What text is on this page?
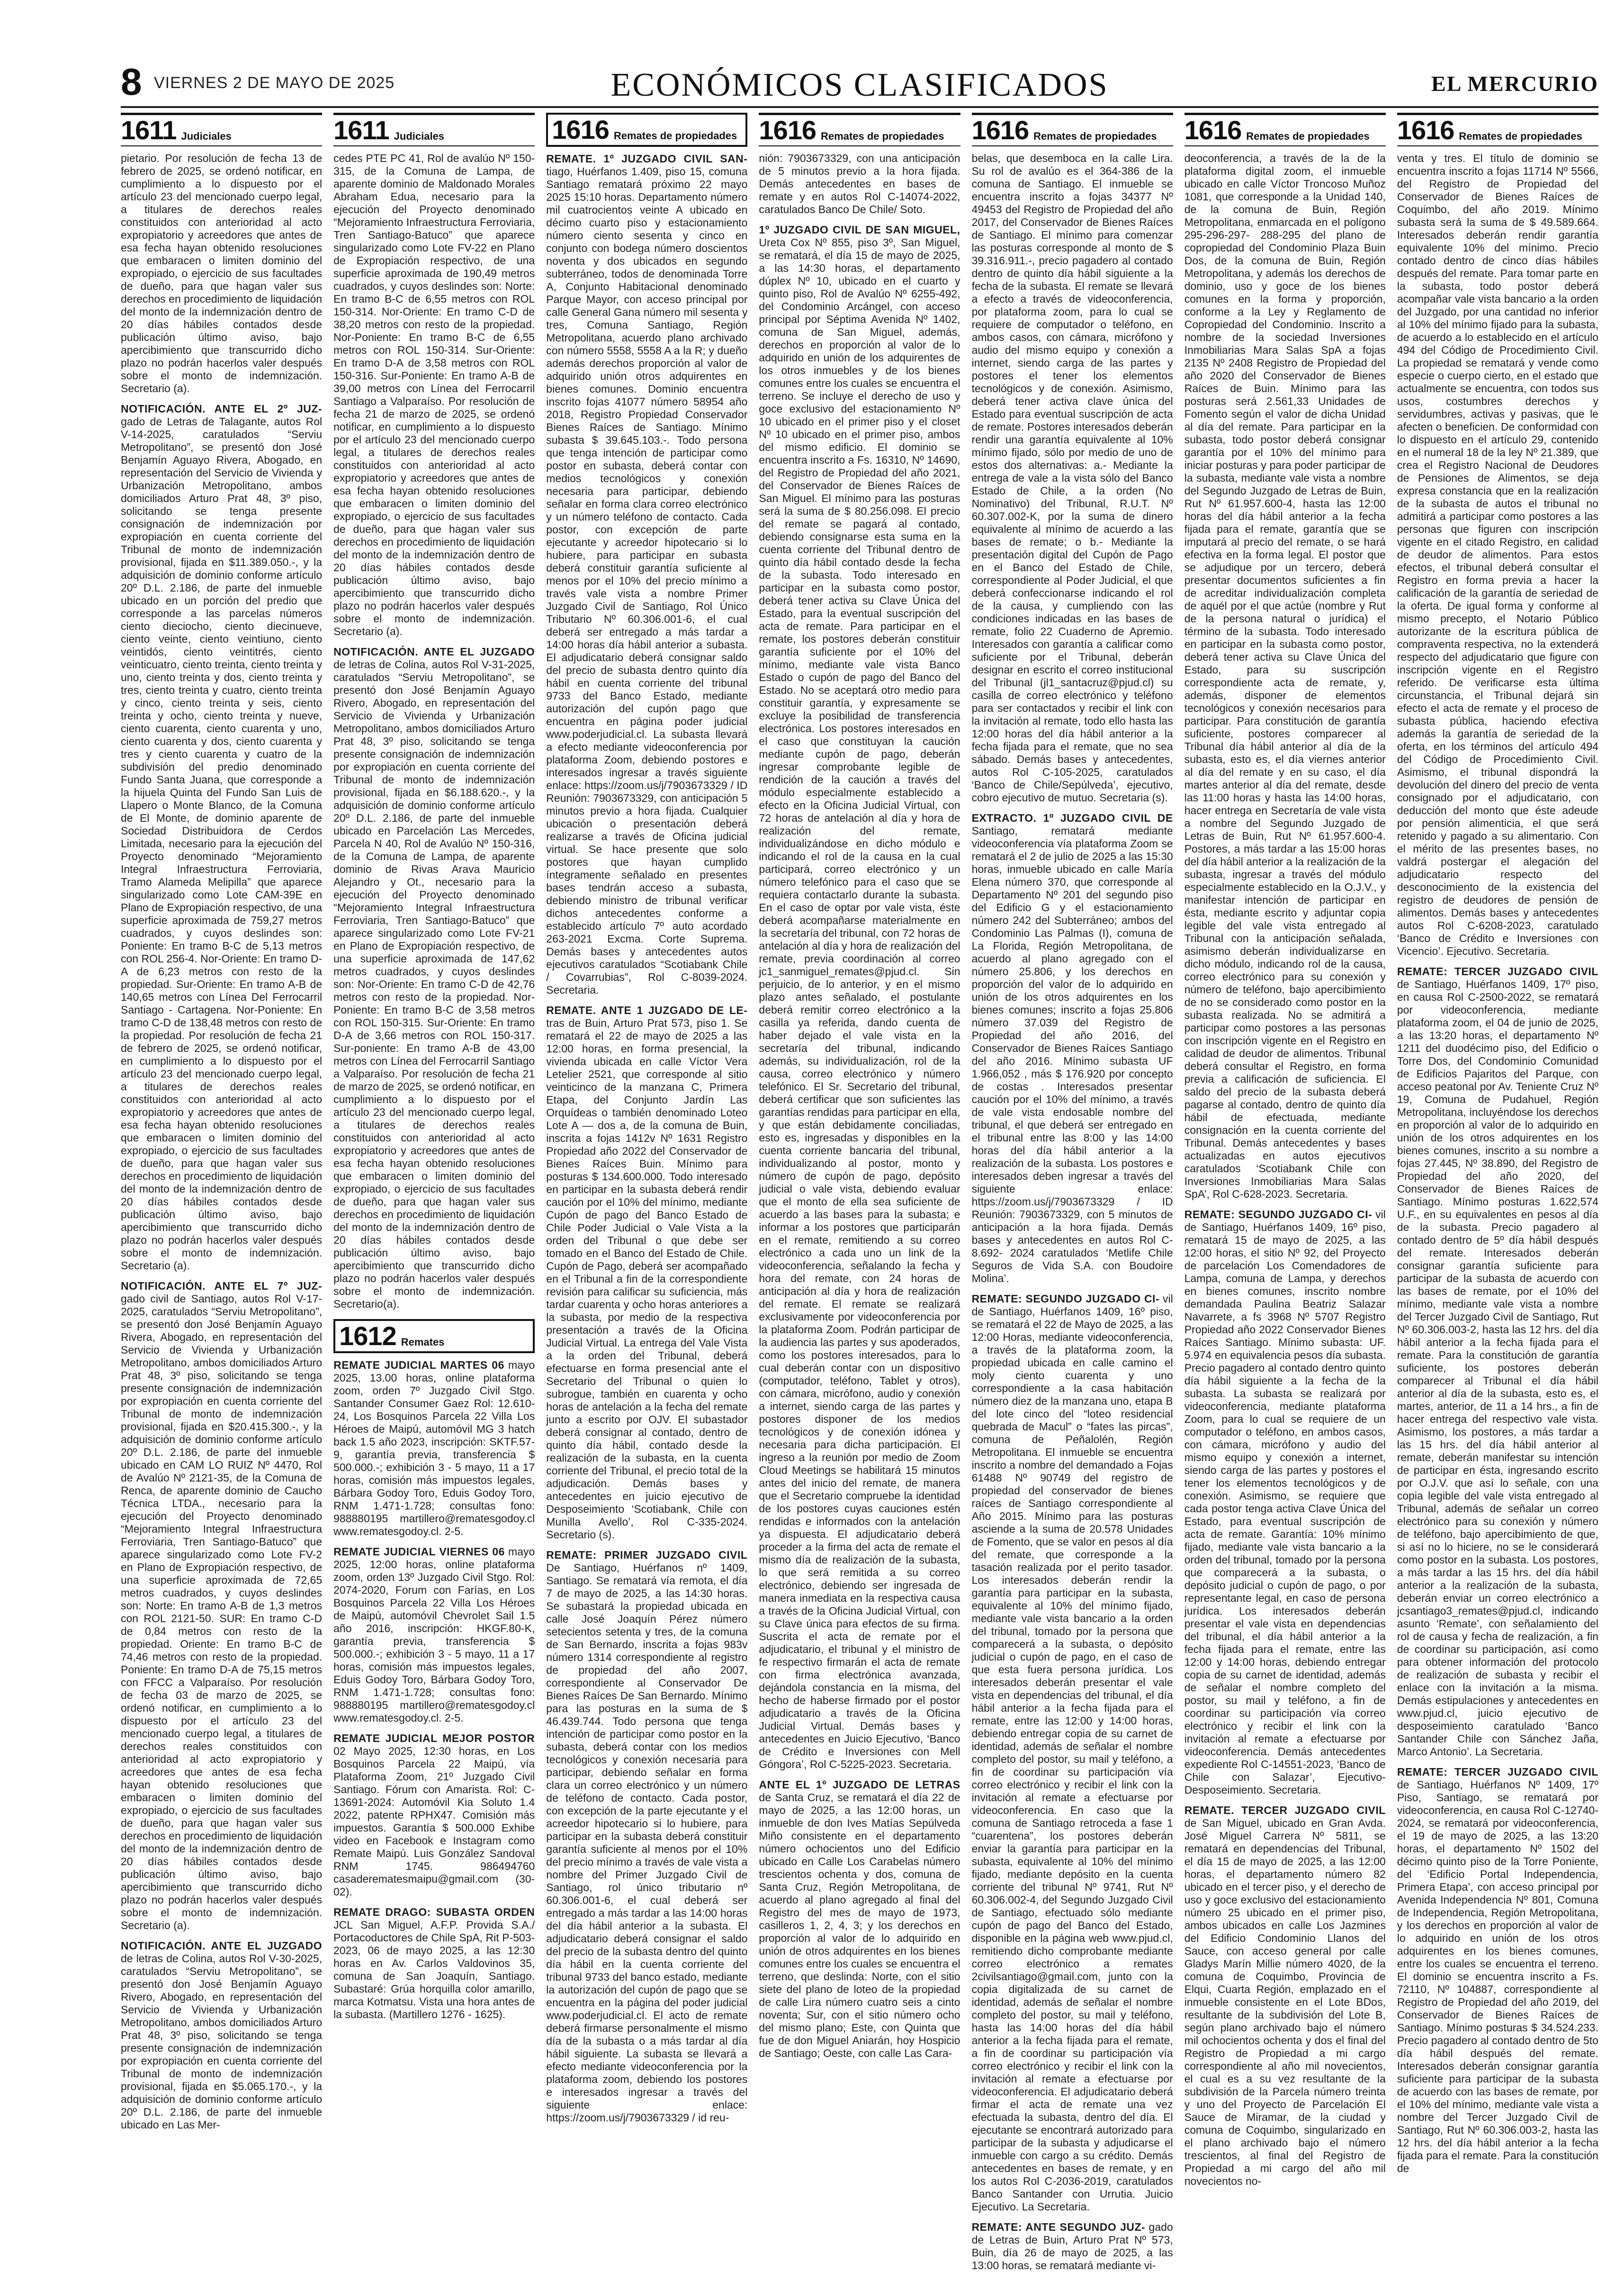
8 VIERNES 2 DE MAYO DE 2025	ECONÓMICOS CLASIFICADOS	EL MERCURIO
1611 Judiciales
pietario. Por resolución de fecha 13 de febrero de 2025, se ordenó notificar, en cumplimiento a lo dispuesto por el artículo 23 del mencionado cuerpo legal, a titulares de derechos reales constituidos con anterioridad al acto expropiatorio y acreedores que antes de esa fecha hayan obtenido resoluciones que embaracen o limiten dominio del expropiado, o ejercicio de sus facultades de dueño, para que hagan valer sus derechos en procedimiento de liquidación del monto de la indemnización dentro de 20 días hábiles contados desde publicación último aviso, bajo apercibimiento que transcurrido dicho plazo no podrán hacerlos valer después sobre el monto de indemnización. Secretario (a).
NOTIFICACIÓN. ANTE EL 2º JUZ- gado de Letras de Talagante, autos Rol V-14-2025, caratulados “Serviu Metropolitano”, se presentó don José Benjamín Aguayo Rivera, Abogado, en representación del Servicio de Vivienda y Urbanización Metropolitano, ambos domiciliados Arturo Prat 48, 3º piso, solicitando se tenga presente consignación de indemnización por expropiación en cuenta corriente del Tribunal de monto de indemnización provisional, fijada en $11.389.050.-, y la adquisición de dominio conforme artículo 20º D.L. 2.186, de parte del inmueble ubicado en un porción del predio que corresponde a las parcelas números ciento dieciocho, ciento diecinueve, ciento veinte, ciento veintiuno, ciento veintidós, ciento veintitrés, ciento veinticuatro, ciento treinta, ciento treinta y uno, ciento treinta y dos, ciento treinta y tres, ciento treinta y cuatro, ciento treinta y cinco, ciento treinta y seis, ciento treinta y ocho, ciento treinta y nueve, ciento cuarenta, ciento cuarenta y uno, ciento cuarenta y dos, ciento cuarenta y tres y ciento cuarenta y cuatro de la subdivisión del predio denominado Fundo Santa Juana, que corresponde a la hijuela Quinta del Fundo San Luis de Llapero o Monte Blanco, de la Comuna de El Monte, de dominio aparente de Sociedad Distribuidora de Cerdos Limitada, necesario para la ejecución del Proyecto denominado “Mejoramiento Integral Infraestructura Ferroviaria, Tramo Alameda Melipilla” que aparece singularizado como Lote CAM-39E en Plano de Expropiación respectivo, de una superficie aproximada de 759,27 metros cuadrados, y cuyos deslindes son: Poniente: En tramo B-C de 5,13 metros con ROL 256-4. Nor-Oriente: En tramo D-A de 6,23 metros con resto de la propiedad. Sur-Oriente: En tramo A-B de 140,65 metros con Línea Del Ferrocarril Santiago - Cartagena. Nor-Poniente: En tramo C-D de 138,48 metros con resto de la propiedad. Por resolución de fecha 21 de febrero de 2025, se ordenó notificar, en cumplimiento a lo dispuesto por el artículo 23 del mencionado cuerpo legal, a titulares de derechos reales constituidos con anterioridad al acto expropiatorio y acreedores que antes de esa fecha hayan obtenido resoluciones que embaracen o limiten dominio del expropiado, o ejercicio de sus facultades de dueño, para que hagan valer sus derechos en procedimiento de liquidación del monto de la indemnización dentro de 20 días hábiles contados desde publicación último aviso, bajo apercibimiento que transcurrido dicho plazo no podrán hacerlos valer después sobre el monto de indemnización. Secretario (a).
NOTIFICACIÓN. ANTE EL 7º JUZ- gado civil de Santiago, autos Rol V-17-2025, caratulados “Serviu Metropolitano”, se presentó don José Benjamín Aguayo Rivera, Abogado, en representación del Servicio de Vivienda y Urbanización Metropolitano, ambos domiciliados Arturo Prat 48, 3º piso, solicitando se tenga presente consignación de indemnización por expropiación en cuenta corriente del Tribunal de monto de indemnización provisional, fijada en $20.415.300.-, y la adquisición de dominio conforme artículo 20º D.L. 2.186, de parte del inmueble ubicado en CAM LO RUIZ Nº 4470, Rol de Avalúo Nº 2121-35, de la Comuna de Renca, de aparente dominio de Caucho Técnica LTDA., necesario para la ejecución del Proyecto denominado “Mejoramiento Integral Infraestructura Ferroviaria, Tren Santiago-Batuco” que aparece singularizado como Lote FV-2 en Plano de Expropiación respectivo, de una superficie aproximada de 72,65 metros cuadrados, y cuyos deslindes son: Norte: En tramo A-B de 1,3 metros con ROL 2121-50. SUR: En tramo C-D de 0,84 metros con resto de la propiedad. Oriente: En tramo B-C de 74,46 metros con resto de la propiedad. Poniente: En tramo D-A de 75,15 metros con FFCC a Valparaíso. Por resolución de fecha 03 de marzo de 2025, se ordenó notificar, en cumplimiento a lo dispuesto por el artículo 23 del mencionado cuerpo legal, a titulares de derechos reales constituidos con anterioridad al acto expropiatorio y acreedores que antes de esa fecha hayan obtenido resoluciones que embaracen o limiten dominio del expropiado, o ejercicio de sus facultades de dueño, para que hagan valer sus derechos en procedimiento de liquidación del monto de la indemnización dentro de 20 días hábiles contados desde publicación último aviso, bajo apercibimiento que transcurrido dicho plazo no podrán hacerlos valer después sobre el monto de indemnización. Secretario (a).
NOTIFICACIÓN. ANTE EL JUZGADO de letras de Colina, autos Rol V-30-2025, caratulados “Serviu Metropolitano”, se presentó don José Benjamín Aguayo Rivero, Abogado, en representación del Servicio de Vivienda y Urbanización Metropolitano, ambos domiciliados Arturo Prat 48, 3º piso, solicitando se tenga presente consignación de indemnización por expropiación en cuenta corriente del Tribunal de monto de indemnización provisional, fijada en $5.065.170.-, y la adquisición de dominio conforme artículo 20º D.L. 2.186, de parte del inmueble ubicado en Las Mer-
1611 Judiciales
cedes PTE PC 41, Rol de avalúo Nº 150-315, de la Comuna de Lampa, de aparente dominio de Maldonado Morales Abraham Edua, necesario para la ejecución del Proyecto denominado “Mejoramiento Infraestructura Ferroviaria, Tren Santiago-Batuco” que aparece singularizado como Lote FV-22 en Plano de Expropiación respectivo, de una superficie aproximada de 190,49 metros cuadrados, y cuyos deslindes son: Norte: En tramo B-C de 6,55 metros con ROL 150-314. Nor-Oriente: En tramo C-D de 38,20 metros con resto de la propiedad. Nor-Poniente: En tramo B-C de 6,55 metros con ROL 150-314. Sur-Oriente: En tramo D-A de 3,58 metros con ROL 150-316. Sur-Poniente: En tramo A-B de 39,00 metros con Línea del Ferrocarril Santiago a Valparaíso. Por resolución de fecha 21 de marzo de 2025, se ordenó notificar, en cumplimiento a lo dispuesto por el artículo 23 del mencionado cuerpo legal, a titulares de derechos reales constituidos con anterioridad al acto expropiatorio y acreedores que antes de esa fecha hayan obtenido resoluciones que embaracen o limiten dominio del expropiado, o ejercicio de sus facultades de dueño, para que hagan valer sus derechos en procedimiento de liquidación del monto de la indemnización dentro de 20 días hábiles contados desde publicación último aviso, bajo apercibimiento que transcurrido dicho plazo no podrán hacerlos valer después sobre el monto de indemnización. Secretario (a).
NOTIFICACIÓN. ANTE EL JUZGADO de letras de Colina, autos Rol V-31-2025, caratulados “Serviu Metropolitano”, se presentó don José Benjamín Aguayo Rivero, Abogado, en representación del Servicio de Vivienda y Urbanización Metropolitano, ambos domiciliados Arturo Prat 48, 3º piso, solicitando se tenga presente consignación de indemnización por expropiación en cuenta corriente del Tribunal de monto de indemnización provisional, fijada en $6.188.620.-, y la adquisición de dominio conforme artículo 20º D.L. 2.186, de parte del inmueble ubicado en Parcelación Las Mercedes, Parcela N 40, Rol de Avalúo Nº 150-316, de la Comuna de Lampa, de aparente dominio de Rivas Arava Mauricio Alejandro y Ot., necesario para la ejecución del Proyecto denominado “Mejoramiento Integral Infraestructura Ferroviaria, Tren Santiago-Batuco” que aparece singularizado como Lote FV-21 en Plano de Expropiación respectivo, de una superficie aproximada de 147,62 metros cuadrados, y cuyos deslindes son: Nor-Oriente: En tramo C-D de 42,76 metros con resto de la propiedad. Nor-Poniente: En tramo B-C de 3,58 metros con ROL 150-315. Sur-Oriente: En tramo D-A de 3,66 metros con ROL 150-317. Sur-poniente: En tramo A-B de 43,00 metros con Línea del Ferrocarril Santiago a Valparaíso. Por resolución de fecha 21 de marzo de 2025, se ordenó notificar, en cumplimiento a lo dispuesto por el artículo 23 del mencionado cuerpo legal, a titulares de derechos reales constituidos con anterioridad al acto expropiatorio y acreedores que antes de esa fecha hayan obtenido resoluciones que embaracen o limiten dominio del expropiado, o ejercicio de sus facultades de dueño, para que hagan valer sus derechos en procedimiento de liquidación del monto de la indemnización dentro de 20 días hábiles contados desde publicación último aviso, bajo apercibimiento que transcurrido dicho plazo no podrán hacerlos valer después sobre el monto de indemnización. Secretario(a).
1612 Remates
REMATE JUDICIAL MARTES 06 mayo 2025, 13.00 horas, online plataforma zoom, orden 7º Juzgado Civil Stgo. Santander Consumer Gaez Rol: 12.610-24, Los Bosquinos Parcela 22 Villa Los Héroes de Maipú, automóvil MG 3 hatch back 1.5 año 2023, inscripción: SKTF.57-9, garantía previa, transferencia $ 500.000.-; exhibición 3 - 5 mayo, 11 a 17 horas, comisión más impuestos legales, Bárbara Godoy Toro, Eduis Godoy Toro, RNM 1.471-1.728; consultas fono: 988880195 martillero@rematesgodoy.cl www.rematesgodoy.cl. 2-5.
REMATE JUDICIAL VIERNES 06 mayo 2025, 12:00 horas, online plataforma zoom, orden 13º Juzgado Civil Stgo. Rol: 2074-2020, Forum con Farías, en Los Bosquinos Parcela 22 Villa Los Héroes de Maipú, automóvil Chevrolet Sail 1.5 año 2016, inscripción: HKGF.80-K, garantía previa, transferencia $ 500.000.-; exhibición 3 - 5 mayo, 11 a 17 horas, comisión más impuestos legales, Eduis Godoy Toro, Bárbara Godoy Toro, RNM 1.471-1.728; consultas fono: 988880195 martillero@rematesgodoy.cl www.rematesgodoy.cl. 2-5.
REMATE JUDICIAL MEJOR POSTOR 02 Mayo 2025, 12:30 horas, en Los Bosquinos Parcela 22 Maipú, vía Plataforma Zoom, 21º Juzgado Civil Santiago. Fórum con Amarista. Rol: C-13691-2024: Automóvil Kia Soluto 1.4 2022, patente RPHX47. Comisión más impuestos. Garantía $ 500.000 Exhibe video en Facebook e Instagram como Remate Maipú. Luis González Sandoval RNM 1745. 986494760 casaderematesmaipu@gmail.com (30-02).
REMATE DRAGO: SUBASTA ORDEN JCL San Miguel, A.F.P. Provida S.A./ Portacoductores de Chile SpA, Rit P-503-2023, 06 de mayo 2025, a las 12:30 horas en Av. Carlos Valdovinos 35, comuna de San Joaquín, Santiago. Subastaré: Grúa horquilla color amarillo, marca Kotmatsu. Vista una hora antes de la subasta. (Martillero 1276 - 1625).
1616 Remates de propiedades
REMATE. 1º JUZGADO CIVIL SAN- tiago, Huérfanos 1.409, piso 15, comuna Santiago rematará próximo 22 mayo 2025 15:10 horas. Departamento número mil cuatrocientos veinte A ubicado en décimo cuarto piso y estacionamiento número ciento sesenta y cinco en conjunto con bodega número doscientos noventa y dos ubicados en segundo subterráneo, todos de denominada Torre A, Conjunto Habitacional denominado Parque Mayor, con acceso principal por calle General Gana número mil sesenta y tres, Comuna Santiago, Región Metropolitana, acuerdo plano archivado con número 5558, 5558 A a la R; y dueño además derechos proporción al valor de adquirido unión otros adquirentes en bienes comunes. Dominio encuentra inscrito fojas 41077 número 58954 año 2018, Registro Propiedad Conservador Bienes Raíces de Santiago. Mínimo subasta $ 39.645.103.-. Todo persona que tenga intención de participar como postor en subasta, deberá contar con medios tecnológicos y conexión necesaria para participar, debiendo señalar en forma clara correo electrónico y un número teléfono de contacto. Cada postor, con excepción de parte ejecutante y acreedor hipotecario si lo hubiere, para participar en subasta deberá constituir garantía suficiente al menos por el 10% del precio mínimo a través vale vista a nombre Primer Juzgado Civil de Santiago, Rol Único Tributario Nº 60.306.001-6, el cual deberá ser entregado a más tardar a 14:00 horas día hábil anterior a subasta. El adjudicatario deberá consignar saldo del precio de subasta dentro quinto día hábil en cuenta corriente del tribunal 9733 del Banco Estado, mediante autorización del cupón pago que encuentra en página poder judicial www.poderjudicial.cl. La subasta llevará a efecto mediante videoconferencia por plataforma Zoom, debiendo postores e interesados ingresar a través siguiente enlace: https://zoom.us/j/7903673329 / ID Reunión: 7903673329, con anticipación 5 minutos previo a hora fijada. Cualquier ubicación o presentación deberá realizarse a través de Oficina judicial virtual. Se hace presente que solo postores que hayan cumplido íntegramente señalado en presentes bases tendrán acceso a subasta, debiendo ministro de tribunal verificar dichos antecedentes conforme a establecido artículo 7º auto acordado 263-2021 Excma. Corte Suprema. Demás bases y antecedentes autos ejecutivos caratulados “Scotiabank Chile / Covarrubias”, Rol C-8039-2024. Secretaria.
REMATE. ANTE 1 JUZGADO DE LE- tras de Buin, Arturo Prat 573, piso 1. Se rematará el 22 de mayo de 2025 a las 12:00 horas, en forma presencial, la vivienda ubicada en calle Víctor Vera Letelier 2521, que corresponde al sitio veinticinco de la manzana C, Primera Etapa, del Conjunto Jardín Las Orquídeas o también denominado Loteo Lote A — dos a, de la comuna de Buin, inscrita a fojas 1412v Nº 1631 Registro Propiedad año 2022 del Conservador de Bienes Raíces Buin. Mínimo para posturas $ 134.600.000. Todo interesado en participar en la subasta deberá rendir caución por el 10% del mínimo, mediante Cupón de pago del Banco Estado de Chile Poder Judicial o Vale Vista a la orden del Tribunal o que debe ser tomado en el Banco del Estado de Chile. Cupón de Pago, deberá ser acompañado en el Tribunal a fin de la correspondiente revisión para calificar su suficiencia, más tardar cuarenta y ocho horas anteriores a la subasta, por medio de la respectiva presentación a través de la Oficina Judicial Virtual. La entrega del Vale Vista a la orden del Tribunal, deberá efectuarse en forma presencial ante el Secretario del Tribunal o quien lo subrogue, también en cuarenta y ocho horas de antelación a la fecha del remate junto a escrito por OJV. El subastador deberá consignar al contado, dentro de quinto día hábil, contado desde la realización de la subasta, en la cuenta corriente del Tribunal, el precio total de la adjudicación. Demás bases y antecedentes en juicio ejecutivo de Desposeimiento ‘Scotiabank, Chile con Munilla Avello’, Rol C-335-2024. Secretario (s).
REMATE: PRIMER JUZGADO CIVIL De Santiago, Huérfanos nº 1409, Santiago. Se rematará vía remota, el día 7 de mayo de 2025, a las 14:30 horas. Se subastará la propiedad ubicada en calle José Joaquín Pérez número setecientos setenta y tres, de la comuna de San Bernardo, inscrita a fojas 983v número 1314 correspondiente al registro de propiedad del año 2007, correspondiente al Conservador De Bienes Raíces De San Bernardo. Mínimo para las posturas en la suma de $ 46.439.744. Todo persona que tenga intención de participar como postor en la subasta, deberá contar con los medios tecnológicos y conexión necesaria para participar, debiendo señalar en forma clara un correo electrónico y un número de teléfono de contacto. Cada postor, con excepción de la parte ejecutante y el acreedor hipotecario si lo hubiere, para participar en la subasta deberá constituir garantía suficiente al menos por el 10% del precio mínimo a través de vale vista a nombre del Primer Juzgado Civil de Santiago, rol único tributario nº 60.306.001-6, el cual deberá ser entregado a más tardar a las 14:00 horas del día hábil anterior a la subasta. El adjudicatario deberá consignar el saldo del precio de la subasta dentro del quinto día hábil en la cuenta corriente del tribunal 9733 del banco estado, mediante la autorización del cupón de pago que se encuentra en la página del poder judicial www.poderjudicial.cl. El acto de remate deberá firmarse personalmente el mismo día de la subasta o a más tardar al día hábil siguiente. La subasta se llevará a efecto mediante videoconferencia por la plataforma zoom, debiendo los postores e interesados ingresar a través del siguiente enlace: https://zoom.us/j/7903673329 / id reu-
1616 Remates de propiedades
nión: 7903673329, con una anticipación de 5 minutos previo a la hora fijada. Demás antecedentes en bases de remate y en autos Rol C-14074-2022, caratulados Banco De Chile/ Soto.
1º JUZGADO CIVIL DE SAN MIGUEL, Ureta Cox Nº 855, piso 3º, San Miguel, se rematará, el día 15 de mayo de 2025, a las 14:30 horas, el departamento dúplex Nº 10, ubicado en el cuarto y quinto piso, Rol de Avalúo Nº 6255-492, del Condominio Arcángel, con acceso principal por Séptima Avenida Nº 1402, comuna de San Miguel, además, derechos en proporción al valor de lo adquirido en unión de los adquirentes de los otros inmuebles y de los bienes comunes entre los cuales se encuentra el terreno. Se incluye el derecho de uso y goce exclusivo del estacionamiento Nº 10 ubicado en el primer piso y el closet Nº 10 ubicado en el primer piso, ambos del mismo edificio. El dominio se encuentra inscrito a Fs. 16310, Nº 14690, del Registro de Propiedad del año 2021, del Conservador de Bienes Raíces de San Miguel. El mínimo para las posturas será la suma de $ 80.256.098. El precio del remate se pagará al contado, debiendo consignarse esta suma en la cuenta corriente del Tribunal dentro de quinto día hábil contado desde la fecha de la subasta. Todo interesado en participar en la subasta como postor, deberá tener activa su Clave Única del Estado, para la eventual suscripción del acta de remate. Para participar en el remate, los postores deberán constituir garantía suficiente por el 10% del mínimo, mediante vale vista Banco Estado o cupón de pago del Banco del Estado. No se aceptará otro medio para constituir garantía, y expresamente se excluye la posibilidad de transferencia electrónica. Los postores interesados en el caso que constituyan la caución mediante cupón de pago, deberán ingresar comprobante legible de rendición de la caución a través del módulo especialmente establecido a efecto en la Oficina Judicial Virtual, con 72 horas de antelación al día y hora de realización del remate, individualizándose en dicho módulo e indicando el rol de la causa en la cual participará, correo electrónico y un número telefónico para el caso que se requiera contactarlo durante la subasta. En el caso de optar por vale vista, éste deberá acompañarse materialmente en la secretaría del tribunal, con 72 horas de antelación al día y hora de realización del remate, previa coordinación al correo jc1_sanmiguel_remates@pjud.cl. Sin perjuicio, de lo anterior, y en el mismo plazo antes señalado, el postulante deberá remitir correo electrónico a la casilla ya referida, dando cuenta de haber dejado el vale vista en la secretaría del tribunal, indicando además, su individualización, rol de la causa, correo electrónico y número telefónico. El Sr. Secretario del tribunal, deberá certificar que son suficientes las garantías rendidas para participar en ella, y que están debidamente conciliadas, esto es, ingresadas y disponibles en la cuenta corriente bancaria del tribunal, individualizando al postor, monto y número de cupón de pago, depósito judicial o vale vista, debiendo evaluar que el monto de ella sea suficiente de acuerdo a las bases para la subasta; e informar a los postores que participarán en el remate, remitiendo a su correo electrónico a cada uno un link de la videoconferencia, señalando la fecha y hora del remate, con 24 horas de anticipación al día y hora de realización del remate. El remate se realizará exclusivamente por videoconferencia por la plataforma Zoom. Podrán participar de la audiencia las partes y sus apoderados, como los postores interesados, para lo cual deberán contar con un dispositivo (computador, teléfono, Tablet y otros), con cámara, micrófono, audio y conexión a internet, siendo carga de las partes y postores disponer de los medios tecnológicos y de conexión idónea y necesaria para dicha participación. El ingreso a la reunión por medio de Zoom Cloud Meetings se habilitará 15 minutos antes del inicio del remate, de manera que el Secretario compruebe la identidad de los postores cuyas cauciones estén rendidas e informados con la antelación ya dispuesta. El adjudicatario deberá proceder a la firma del acta de remate el mismo día de realización de la subasta, lo que será remitida a su correo electrónico, debiendo ser ingresada de manera inmediata en la respectiva causa a través de la Oficina Judicial Virtual, con su Clave única para efectos de su firma. Suscrita el acta de remate por el adjudicatario, el tribunal y el ministro de fe respectivo firmarán el acta de remate con firma electrónica avanzada, dejándola constancia en la misma, del hecho de haberse firmado por el postor adjudicatario a través de la Oficina Judicial Virtual. Demás bases y antecedentes en Juicio Ejecutivo, ‘Banco de Crédito e Inversiones con Mell Góngora’, Rol C-5225-2023. Secretaria.
ANTE EL 1º JUZGADO DE LETRAS de Santa Cruz, se rematará el día 22 de mayo de 2025, a las 12:00 horas, un inmueble de don Ives Matías Sepúlveda Miño consistente en el departamento número ochocientos uno del Edificio ubicado en Calle Los Carabelas número trescientos ochenta y dos, comuna de Santa Cruz, Región Metropolitana, de acuerdo al plano agregado al final del Registro del mes de mayo de 1973, casilleros 1, 2, 4, 3; y los derechos en proporción al valor de lo adquirido en unión de otros adquirentes en los bienes comunes entre los cuales se encuentra el terreno, que deslinda: Norte, con el sitio siete del plano de loteo de la propiedad de calle Lira número cuatro seis a cinto noventa; Sur, con el sitio número ocho del mismo plano; Este, con Quinta que fue de don Miguel Aniarán, hoy Hospicio de Santiago; Oeste, con calle Las Cara-
1616 Remates de propiedades
belas, que desemboca en la calle Lira. Su rol de avalúo es el 364-386 de la comuna de Santiago. El inmueble se encuentra inscrito a fojas 34377 Nº 49453 del Registro de Propiedad del año 2017, del Conservador de Bienes Raíces de Santiago. El mínimo para comenzar las posturas corresponde al monto de $ 39.316.911.-, precio pagadero al contado dentro de quinto día hábil siguiente a la fecha de la subasta. El remate se llevará a efecto a través de videoconferencia, por plataforma zoom, para lo cual se requiere de computador o teléfono, en ambos casos, con cámara, micrófono y audio del mismo equipo y conexión a internet, siendo carga de las partes y postores el tener los elementos tecnológicos y de conexión. Asimismo, deberá tener activa clave única del Estado para eventual suscripción de acta de remate. Postores interesados deberán rendir una garantía equivalente al 10% mínimo fijado, sólo por medio de uno de estos dos alternativas: a.- Mediante la entrega de vale a la vista sólo del Banco Estado de Chile, a la orden (No Nominativo) del Tribunal, R.U.T. Nº 60.307.002-K, por la suma de dinero equivalente al mínimo de acuerdo a las bases de remate; o b.- Mediante la presentación digital del Cupón de Pago en el Banco del Estado de Chile, correspondiente al Poder Judicial, el que deberá confeccionarse indicando el rol de la causa, y cumpliendo con las condiciones indicadas en las bases de remate, folio 22 Cuaderno de Apremio. Interesados con garantía a calificar como suficiente por el Tribunal, deberán designar en escrito el correo institucional del Tribunal (jl1_santacruz@pjud.cl) su casilla de correo electrónico y teléfono para ser contactados y recibir el link con la invitación al remate, todo ello hasta las 12:00 horas del día hábil anterior a la fecha fijada para el remate, que no sea sábado. Demás bases y antecedentes, autos Rol C-105-2025, caratulados ‘Banco de Chile/Sepúlveda’, ejecutivo, cobro ejecutivo de mutuo. Secretaria (s).
EXTRACTO. 1º JUZGADO CIVIL DE Santiago, rematará mediante videoconferencia vía plataforma Zoom se rematará el 2 de julio de 2025 a las 15:30 horas, inmueble ubicado en calle María Elena número 370, que corresponde al Departamento Nº 201 del segundo piso del Edificio G y el estacionamiento número 242 del Subterráneo; ambos del Condominio Las Palmas (I), comuna de La Florida, Región Metropolitana, de acuerdo al plano agregado con el número 25.806, y los derechos en proporción del valor de lo adquirido en unión de los otros adquirentes en los bienes comunes; inscrito a fojas 25.806 número 37.039 del Registro de Propiedad del año 2016, del Conservador de Bienes Raíces Santiago del año 2016. Mínimo subasta UF 1.966,052 , más $ 176.920 por concepto de costas . Interesados presentar caución por el 10% del mínimo, a través de vale vista endosable nombre del tribunal, el que deberá ser entregado en el tribunal entre las 8:00 y las 14:00 horas del día hábil anterior a la realización de la subasta. Los postores e interesados deben ingresar a través del siguiente enlace: https://zoom.us/j/7903673329 / ID Reunión: 7903673329, con 5 minutos de anticipación a la hora fijada. Demás bases y antecedentes en autos Rol C-8.692- 2024 caratulados ‘Metlife Chile Seguros de Vida S.A. con Boudoire Molina’.
REMATE: SEGUNDO JUZGADO CI- vil de Santiago, Huérfanos 1409, 16º piso, se rematará el 22 de Mayo de 2025, a las 12:00 Horas, mediante videoconferencia, a través de la plataforma zoom, la propiedad ubicada en calle camino el moly ciento cuarenta y uno correspondiente a la casa habitación número diez de la manzana uno, etapa B del lote cinco del “loteo residencial quebrada de Macul” o “fates las pircas”, comuna de Peñalolén, Región Metropolitana. El inmueble se encuentra inscrito a nombre del demandado a Fojas 61488 Nº 90749 del registro de propiedad del conservador de bienes raíces de Santiago correspondiente al Año 2015. Mínimo para las posturas asciende a la suma de 20.578 Unidades de Fomento, que se valor en pesos al día del remate, que corresponde a la tasación realizada por el perito tasador. Los interesados deberán rendir la garantía para participar en la subasta, equivalente al 10% del mínimo fijado, mediante vale vista bancario a la orden del tribunal, tomado por la persona que comparecerá a la subasta, o depósito judicial o cupón de pago, en el caso de que esta fuera persona jurídica. Los interesados deberán presentar el vale vista en dependencias del tribunal, el día hábil anterior a la fecha fijada para el remate, entre las 12:00 y 14:00 horas, debiendo entregar copia de su carnet de identidad, además de señalar el nombre completo del postor, su mail y teléfono, a fin de coordinar su participación vía correo electrónico y recibir el link con la invitación al remate a efectuarse por videoconferencia. En caso que la comuna de Santiago retroceda a fase 1 “cuarentena”, los postores deberán enviar la garantía para participar en la subasta, equivalente al 10% del mínimo fijado, mediante depósito en la cuenta corriente del tribunal Nº 9741, Rut Nº 60.306.002-4, del Segundo Juzgado Civil de Santiago, efectuado sólo mediante cupón de pago del Banco del Estado, disponible en la página web www.pjud.cl, remitiendo dicho comprobante mediante correo electrónico a remates 2civilsantiago@gmail.com, junto con la copia digitalizada de su carnet de identidad, además de señalar el nombre completo del postor, su mail y teléfono, hasta las 14:00 horas del día hábil anterior a la fecha fijada para el remate, a fin de coordinar su participación vía correo electrónico y recibir el link con la invitación al remate a efectuarse por videoconferencia. El adjudicatario deberá firmar el acta de remate una vez efectuada la subasta, dentro del día. El ejecutante se encontrará autorizado para participar de la subasta y adjudicarse el inmueble con cargo a su crédito. Demás antecedentes en bases de remate, y en los autos Rol C-2036-2019, caratulados Banco Santander con Urrutia. Juicio Ejecutivo. La Secretaria.
REMATE: ANTE SEGUNDO JUZ- gado de Letras de Buin, Arturo Prat Nº 573, Buin, día 26 de mayo de 2025, a las 13:00 horas, se rematará mediante vi-
1616 Remates de propiedades
deoconferencia, a través de la de la plataforma digital zoom, el inmueble ubicado en calle Víctor Troncoso Muñoz 1081, que corresponde a la Unidad 140, de la comuna de Buin, Región Metropolitana, enmarcada en el polígono 295-296-297- 288-295 del plano de copropiedad del Condominio Plaza Buin Dos, de la comuna de Buin, Región Metropolitana, y además los derechos de dominio, uso y goce de los bienes comunes en la forma y proporción, conforme a la Ley y Reglamento de Copropiedad del Condominio. Inscrito a nombre de la sociedad Inversiones Inmobiliarias Mara Salas SpA a fojas 2135 Nº 2408 Registro de Propiedad del año 2020 del Conservador de Bienes Raíces de Buin. Mínimo para las posturas será 2.561,33 Unidades de Fomento según el valor de dicha Unidad al día del remate. Para participar en la subasta, todo postor deberá consignar garantía por el 10% del mínimo para iniciar posturas y para poder participar de la subasta, mediante vale vista a nombre del Segundo Juzgado de Letras de Buin, Rut Nº 61.957.600-4, hasta las 12:00 horas del día hábil anterior a la fecha fijada para el remate, garantía que se imputará al precio del remate, o se hará efectiva en la forma legal. El postor que se adjudique por un tercero, deberá presentar documentos suficientes a fin de acreditar individualización completa de aquél por el que actúe (nombre y Rut de la persona natural o jurídica) el término de la subasta. Todo interesado en participar en la subasta como postor, deberá tener activa su Clave Única del Estado, para su suscripción correspondiente acta de remate, y, además, disponer de elementos tecnológicos y conexión necesarios para participar. Para constitución de garantía suficiente, postores comparecer al Tribunal día hábil anterior al día de la subasta, esto es, el día viernes anterior al día del remate y en su caso, el día martes anterior al día del remate, desde las 11:00 horas y hasta las 14:00 horas, hacer entrega en Secretaría de vale vista a nombre del Segundo Juzgado de Letras de Buin, Rut Nº 61.957.600-4. Postores, a más tardar a las 15:00 horas del día hábil anterior a la realización de la subasta, ingresar a través del módulo especialmente establecido en la O.J.V., y manifestar intención de participar en ésta, mediante escrito y adjuntar copia legible del vale vista entregado al Tribunal con la anticipación señalada, asimismo deberán individualizarse en dicho módulo, indicando rol de la causa, correo electrónico para su conexión y número de teléfono, bajo apercibimiento de no se considerado como postor en la subasta realizada. No se admitirá a participar como postores a las personas con inscripción vigente en el Registro en calidad de deudor de alimentos. Tribunal deberá consultar el Registro, en forma previa a calificación de suficiencia. El saldo del precio de la subasta deberá pagarse al contado, dentro de quinto día hábil de efectuada, mediante consignación en la cuenta corriente del Tribunal. Demás antecedentes y bases actualizadas en autos ejecutivos caratulados ‘Scotiabank Chile con Inversiones Inmobiliarias Mara Salas SpA’, Rol C-628-2023. Secretaria.
REMATE: SEGUNDO JUZGADO CI- vil de Santiago, Huérfanos 1409, 16º piso, rematará 15 de mayo de 2025, a las 12:00 horas, el sitio Nº 92, del Proyecto de parcelación Los Comendadores de Lampa, comuna de Lampa, y derechos en bienes comunes, inscrito nombre demandada Paulina Beatriz Salazar Navarrete, a fs 3968 Nº 5707 Registro Propiedad año 2022 Conservador Bienes Raíces Santiago. Mínimo subasta: UF. 5.974 en equivalencia pesos día subasta. Precio pagadero al contado dentro quinto día hábil siguiente a la fecha de la subasta. La subasta se realizará por videoconferencia, mediante plataforma Zoom, para lo cual se requiere de un computador o teléfono, en ambos casos, con cámara, micrófono y audio del mismo equipo y conexión a internet, siendo carga de las partes y postores el tener los elementos tecnológicos y de conexión. Asimismo, se requiere que cada postor tenga activa Clave Única del Estado, para eventual suscripción de acta de remate. Garantía: 10% mínimo fijado, mediante vale vista bancario a la orden del tribunal, tomado por la persona que comparecerá a la subasta, o depósito judicial o cupón de pago, o por representante legal, en caso de persona jurídica. Los interesados deberán presentar el vale vista en dependencias del tribunal, el día hábil anterior a la fecha fijada para el remate, entre las 12:00 y 14:00 horas, debiendo entregar copia de su carnet de identidad, además de señalar el nombre completo del postor, su mail y teléfono, a fin de coordinar su participación vía correo electrónico y recibir el link con la invitación al remate a efectuarse por videoconferencia. Demás antecedentes expediente Rol C-14551-2023, ‘Banco de Chile con Salazar’, Ejecutivo- Desposeimiento. Secretaria.
REMATE. TERCER JUZGADO CIVIL de San Miguel, ubicado en Gran Avda. José Miguel Carrera Nº 5811, se rematará en dependencias del Tribunal, el día 15 de mayo de 2025, a las 12:00 horas, el departamento número 82 ubicado en el tercer piso, y el derecho de uso y goce exclusivo del estacionamiento número 25 ubicado en el primer piso, ambos ubicados en calle Los Jazmines del Edificio Condominio Llanos del Sauce, con acceso general por calle Gladys Marín Millie número 4020, de la comuna de Coquimbo, Provincia de Elqui, Cuarta Región, emplazado en el inmueble consistente en el Lote BDos, resultante de la subdivisión del Lote B, según plano archivado bajo el número mil ochocientos ochenta y dos el final del Registro de Propiedad a mi cargo correspondiente al año mil novecientos, el cual es a su vez resultante de la subdivisión de la Parcela número treinta y uno del Proyecto de Parcelación El Sauce de Miramar, de la ciudad y comuna de Coquimbo, singularizado en el plano archivado bajo el número trescientos, al final del Registro de Propiedad a mi cargo del año mil novecientos no-
1616 Remates de propiedades
venta y tres. El título de dominio se encuentra inscrito a fojas 11714 Nº 5566, del Registro de Propiedad del Conservador de Bienes Raíces de Coquimbo, del año 2019. Mínimo subasta será la suma de $ 49.589.664. Interesados deberán rendir garantía equivalente 10% del mínimo. Precio contado dentro de cinco días hábiles después del remate. Para tomar parte en la subasta, todo postor deberá acompañar vale vista bancario a la orden del Juzgado, por una cantidad no inferior al 10% del mínimo fijado para la subasta, de acuerdo a lo establecido en el artículo 494 del Código de Procedimiento Civil. La propiedad se rematará y vende como especie o cuerpo cierto, en el estado que actualmente se encuentra, con todos sus usos, costumbres derechos y servidumbres, activas y pasivas, que le afecten o beneficien. De conformidad con lo dispuesto en el artículo 29, contenido en el numeral 18 de la ley Nº 21.389, que crea el Registro Nacional de Deudores de Pensiones de Alimentos, se deja expresa constancia que en la realización de la subasta de autos el tribunal no admitirá a participar como postores a las personas que figuren con inscripción vigente en el citado Registro, en calidad de deudor de alimentos. Para estos efectos, el tribunal deberá consultar el Registro en forma previa a hacer la calificación de la garantía de seriedad de la oferta. De igual forma y conforme al mismo precepto, el Notario Público autorizante de la escritura pública de compraventa respectiva, no la extenderá respecto del adjudicatario que figure con inscripción vigente en el Registro referido. De verificarse esta última circunstancia, el Tribunal dejará sin efecto el acta de remate y el proceso de subasta pública, haciendo efectiva además la garantía de seriedad de la oferta, en los términos del artículo 494 del Código de Procedimiento Civil. Asimismo, el tribunal dispondrá la devolución del dinero del precio de venta consignado por el adjudicatario, con deducción del monto que éste adeude por pensión alimenticia, el que será retenido y pagado a su alimentario. Con el mérito de las presentes bases, no valdrá postergar el alegación del adjudicatario respecto del desconocimiento de la existencia del registro de deudores de pensión de alimentos. Demás bases y antecedentes autos Rol C-6208-2023, caratulado ‘Banco de Crédito e Inversiones con Vicencio’. Ejecutivo. Secretaria.
REMATE: TERCER JUZGADO CIVIL de Santiago, Huérfanos 1409, 17º piso, en causa Rol C-2500-2022, se rematará por videoconferencia, mediante plataforma zoom, el 04 de junio de 2025, a las 13:20 horas, el departamento Nº 1211 del duodécimo piso, del Edificio o Torre Dos, del Condominio Comunidad de Edificios Pajaritos del Parque, con acceso peatonal por Av. Teniente Cruz Nº 19, Comuna de Pudahuel, Región Metropolitana, incluyéndose los derechos en proporción al valor de lo adquirido en unión de los otros adquirentes en los bienes comunes, inscrito a su nombre a fojas 27.445, Nº 38.890, del Registro de Propiedad del año 2020, del Conservador de Bienes Raíces de Santiago. Mínimo posturas 1.622,574 U.F., en su equivalentes en pesos al día de la subasta. Precio pagadero al contado dentro de 5º día hábil después del remate. Interesados deberán consignar garantía suficiente para participar de la subasta de acuerdo con las bases de remate, por el 10% del mínimo, mediante vale vista a nombre del Tercer Juzgado Civil de Santiago, Rut Nº 60.306.003-2, hasta las 12 hrs. del día hábil anterior a la fecha fijada para el remate. Para la constitución de garantía suficiente, los postores deberán comparecer al Tribunal el día hábil anterior al día de la subasta, esto es, el martes, anterior, de 11 a 14 hrs., a fin de hacer entrega del respectivo vale vista. Asimismo, los postores, a más tardar a las 15 hrs. del día hábil anterior al remate, deberán manifestar su intención de participar en ésta, ingresando escrito por O.J.V. que así lo señale, con una copia legible del vale vista entregado al Tribunal, además de señalar un correo electrónico para su conexión y número de teléfono, bajo apercibimiento de que, si así no lo hiciere, no se le considerará como postor en la subasta. Los postores, a más tardar a las 15 hrs. del día hábil anterior a la realización de la subasta, deberán enviar un correo electrónico a jcsantiago3_remates@pjud.cl, indicando asunto ‘Remate’, con señalamiento del rol de causa y fecha de realización, a fin de coordinar su participación, así como para obtener información del protocolo de realización de subasta y recibir el enlace con la invitación a la misma. Demás estipulaciones y antecedentes en www.pjud.cl, juicio ejecutivo de desposeimiento caratulado ‘Banco Santander Chile con Sánchez Jaña, Marco Antonio’. La Secretaria.
REMATE: TERCER JUZGADO CIVIL de Santiago, Huérfanos Nº 1409, 17º Piso, Santiago, se rematará por videoconferencia, en causa Rol C-12740-2024, se rematará por videoconferencia, el 19 de mayo de 2025, a las 13:20 horas, el departamento Nº 1502 del décimo quinto piso de la Torre Poniente, del ‘Edificio Portal Independencia, Primera Etapa’, con acceso principal por Avenida Independencia Nº 801, Comuna de Independencia, Región Metropolitana, y los derechos en proporción al valor de lo adquirido en unión de los otros adquirentes en los bienes comunes, entre los cuales se encuentra el terreno. El dominio se encuentra inscrito a Fs. 72110, Nº 104887, correspondiente al Registro de Propiedad del año 2019, del Conservador de Bienes Raíces de Santiago. Mínimo posturas $ 34.524.233. Precio pagadero al contado dentro de 5to día hábil después del remate. Interesados deberán consignar garantía suficiente para participar de la subasta de acuerdo con las bases de remate, por el 10% del mínimo, mediante vale vista a nombre del Tercer Juzgado Civil de Santiago, Rut Nº 60.306.003-2, hasta las 12 hrs. del día hábil anterior a la fecha fijada para el remate. Para la constitución de
